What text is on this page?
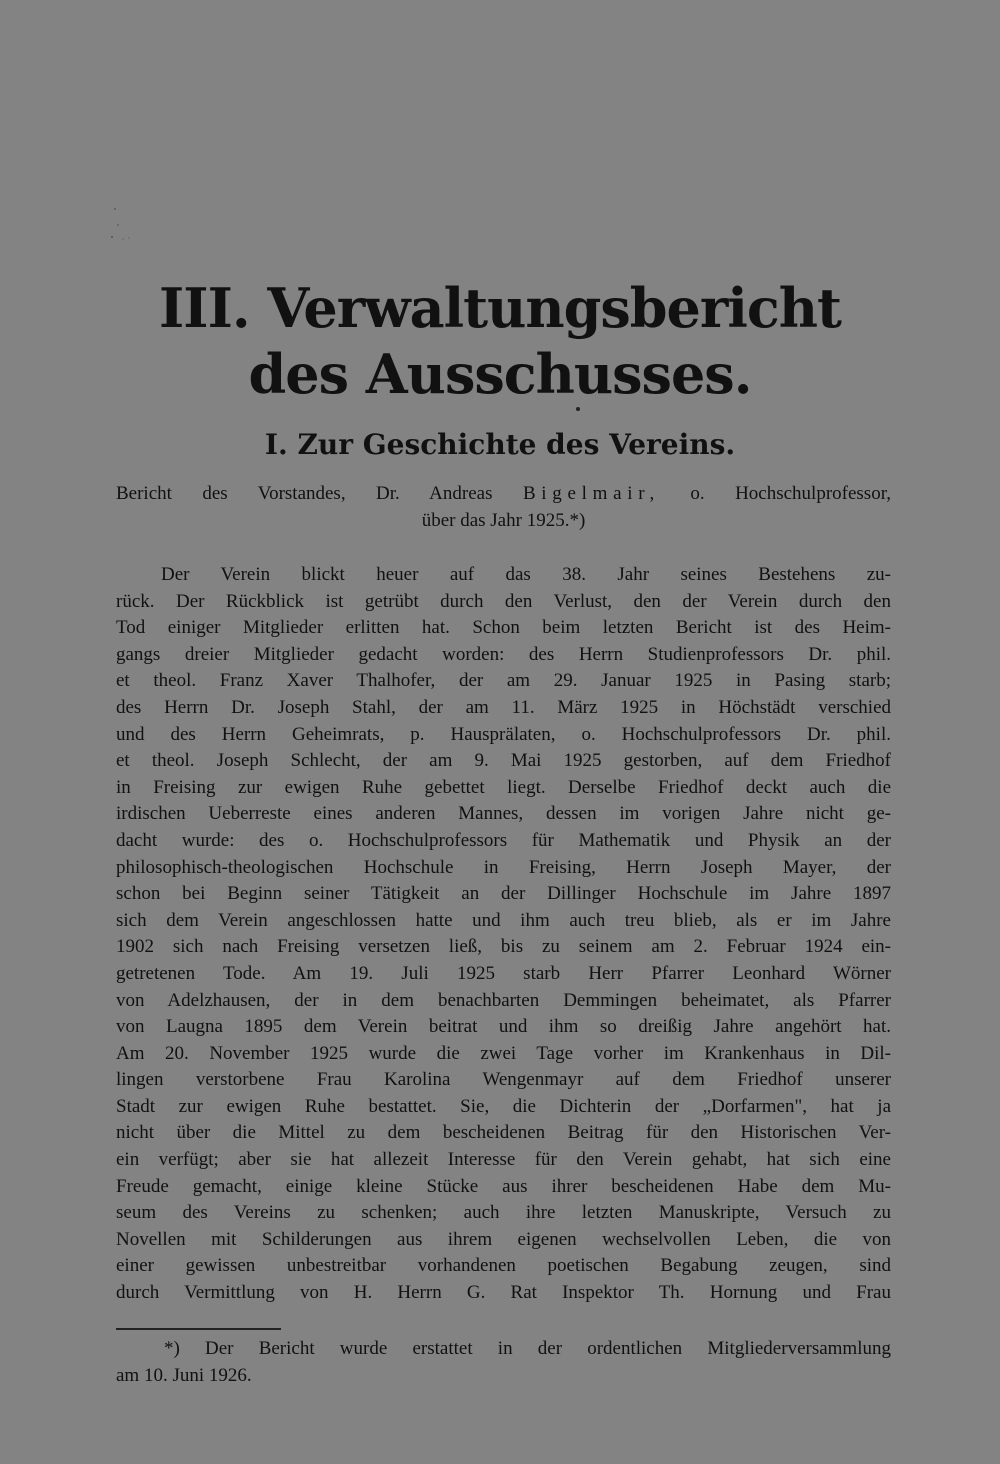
III. Verwaltungsbericht
des Ausschusses.
I. Zur Geschichte des Vereins.
Bericht des Vorstandes, Dr. Andreas Bigelmair, o. Hochschulprofessor,
über das Jahr 1925.*)
Der Verein blickt heuer auf das 38. Jahr seines Bestehens zu-
rück. Der Rückblick ist getrübt durch den Verlust, den der Verein durch den
Tod einiger Mitglieder erlitten hat. Schon beim letzten Bericht ist des Heim-
gangs dreier Mitglieder gedacht worden: des Herrn Studienprofessors Dr. phil.
et theol. Franz Xaver Thalhofer, der am 29. Januar 1925 in Pasing starb;
des Herrn Dr. Joseph Stahl, der am 11. März 1925 in Höchstädt verschied
und des Herrn Geheimrats, p. Hausprälaten, o. Hochschulprofessors Dr. phil.
et theol. Joseph Schlecht, der am 9. Mai 1925 gestorben, auf dem Friedhof
in Freising zur ewigen Ruhe gebettet liegt. Derselbe Friedhof deckt auch die
irdischen Ueberreste eines anderen Mannes, dessen im vorigen Jahre nicht ge-
dacht wurde: des o. Hochschulprofessors für Mathematik und Physik an der
philosophisch-theologischen Hochschule in Freising, Herrn Joseph Mayer, der
schon bei Beginn seiner Tätigkeit an der Dillinger Hochschule im Jahre 1897
sich dem Verein angeschlossen hatte und ihm auch treu blieb, als er im Jahre
1902 sich nach Freising versetzen ließ, bis zu seinem am 2. Februar 1924 ein-
getretenen Tode. Am 19. Juli 1925 starb Herr Pfarrer Leonhard Wörner
von Adelzhausen, der in dem benachbarten Demmingen beheimatet, als Pfarrer
von Laugna 1895 dem Verein beitrat und ihm so dreißig Jahre angehört hat.
Am 20. November 1925 wurde die zwei Tage vorher im Krankenhaus in Dil-
lingen verstorbene Frau Karolina Wengenmayr auf dem Friedhof unserer
Stadt zur ewigen Ruhe bestattet. Sie, die Dichterin der „Dorfarmen", hat ja
nicht über die Mittel zu dem bescheidenen Beitrag für den Historischen Ver-
ein verfügt; aber sie hat allezeit Interesse für den Verein gehabt, hat sich eine
Freude gemacht, einige kleine Stücke aus ihrer bescheidenen Habe dem Mu-
seum des Vereins zu schenken; auch ihre letzten Manuskripte, Versuch zu
Novellen mit Schilderungen aus ihrem eigenen wechselvollen Leben, die von
einer gewissen unbestreitbar vorhandenen poetischen Begabung zeugen, sind
durch Vermittlung von H. Herrn G. Rat Inspektor Th. Hornung und Frau
*) Der Bericht wurde erstattet in der ordentlichen Mitgliederversammlung
am 10. Juni 1926.
